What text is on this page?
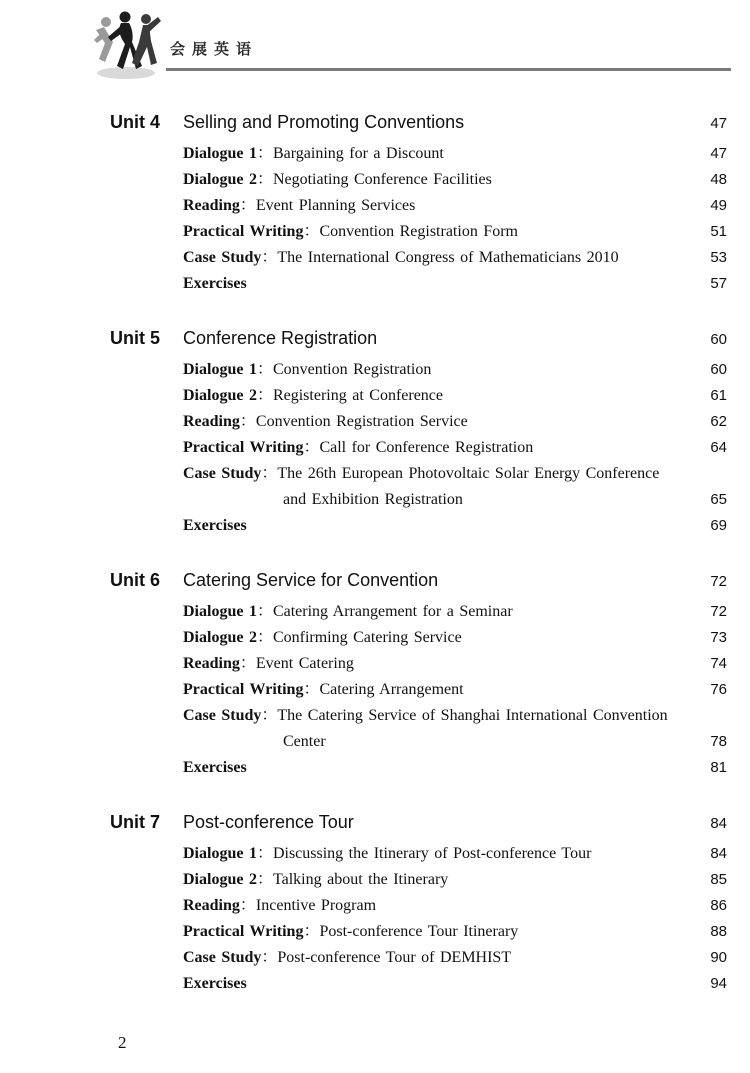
会展英语
Unit 4	Selling and Promoting Conventions	47
Dialogue 1：Bargaining for a Discount	47
Dialogue 2：Negotiating Conference Facilities	48
Reading：Event Planning Services	49
Practical Writing：Convention Registration Form	51
Case Study：The International Congress of Mathematicians 2010	53
Exercises	57
Unit 5	Conference Registration	60
Dialogue 1：Convention Registration	60
Dialogue 2：Registering at Conference	61
Reading：Convention Registration Service	62
Practical Writing：Call for Conference Registration	64
Case Study：The 26th European Photovoltaic Solar Energy Conference
and Exhibition Registration	65
Exercises	69
Unit 6	Catering Service for Convention	72
Dialogue 1：Catering Arrangement for a Seminar	72
Dialogue 2：Confirming Catering Service	73
Reading：Event Catering	74
Practical Writing：Catering Arrangement	76
Case Study：The Catering Service of Shanghai International Convention
Center	78
Exercises	81
Unit 7	Post-conference Tour	84
Dialogue 1：Discussing the Itinerary of Post-conference Tour	84
Dialogue 2：Talking about the Itinerary	85
Reading：Incentive Program	86
Practical Writing：Post-conference Tour Itinerary	88
Case Study：Post-conference Tour of DEMHIST	90
Exercises	94
2
